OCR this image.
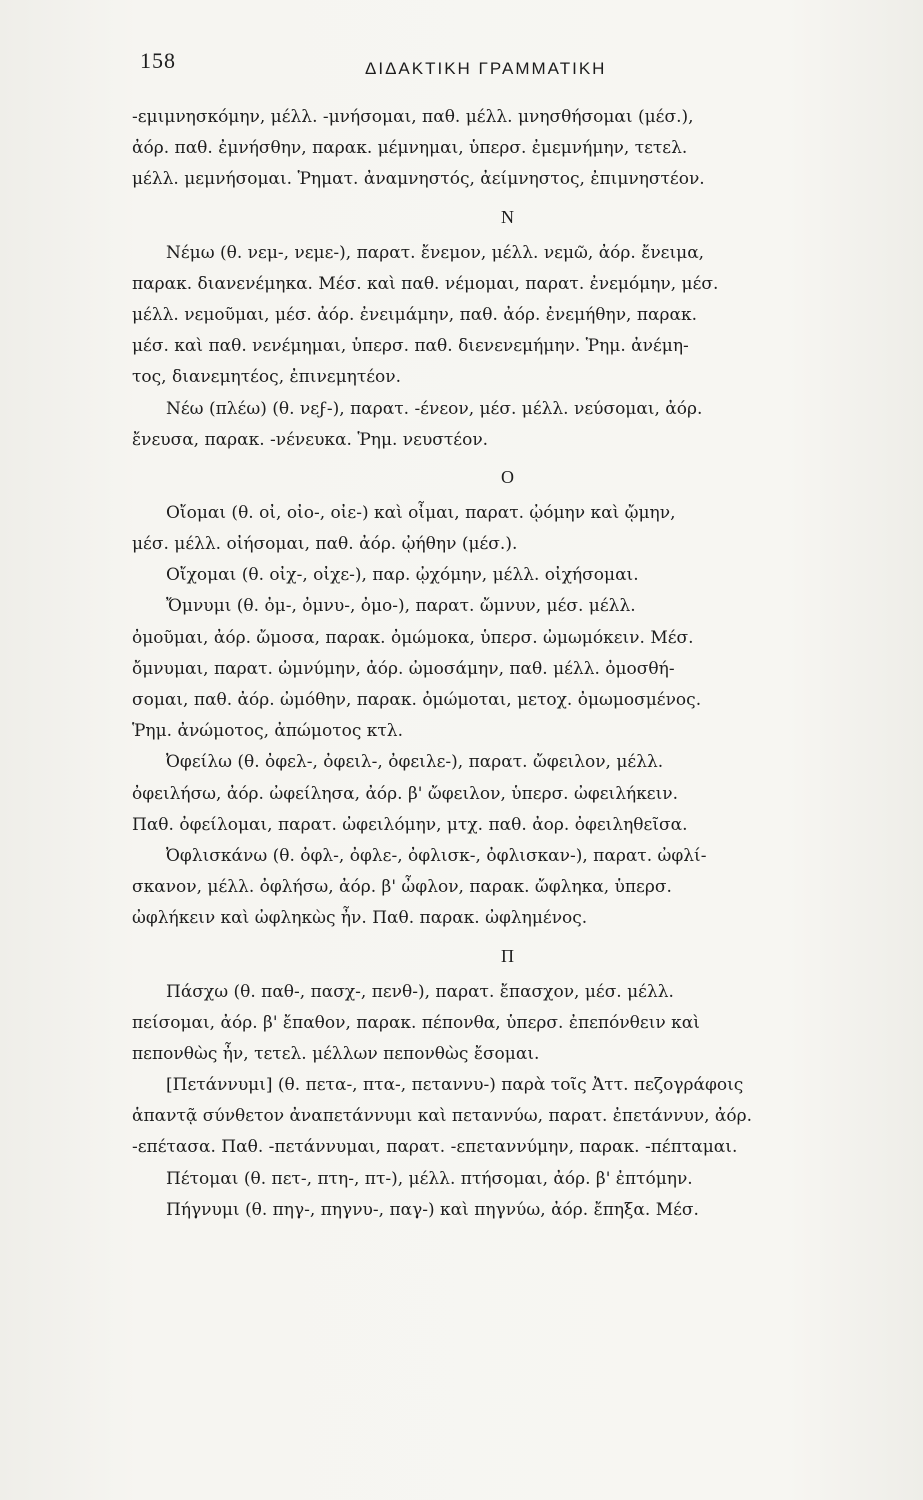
158	ΔΙΔΑΚΤΙΚΗ ΓΡΑΜΜΑΤΙΚΗ
-εμιμνησκόμην, μέλλ. -μνήσομαι, παθ. μέλλ. μνησθήσομαι (μέσ.),
ἀόρ. παθ. ἐμνήσθην, παρακ. μέμνημαι, ὑπερσ. ἐμεμνήμην, τετελ.
μέλλ. μεμνήσομαι. Ῥηματ. ἀναμνηστός, ἀείμνηστος, ἐπιμνηστέον.
N
Νέμω (θ. νεμ-, νεμε-), παρατ. ἔνεμον, μέλλ. νεμῶ, ἀόρ. ἔνειμα,
παρακ. διανενέμηκα. Μέσ. καὶ παθ. νέμομαι, παρατ. ἐνεμόμην, μέσ.
μέλλ. νεμοῦμαι, μέσ. ἀόρ. ἐνειμάμην, παθ. ἀόρ. ἐνεμήθην, παρακ.
μέσ. καὶ παθ. νενέμημαι, ὑπερσ. παθ. διενενεμήμην. Ῥημ. ἀνέμη-
τος, διανεμητέος, ἐπινεμητέον.
Νέω (πλέω) (θ. νεϝ-), παρατ. -ένεον, μέσ. μέλλ. νεύσομαι, ἀόρ.
ἔνευσα, παρακ. -νένευκα. Ῥημ. νευστέον.
O
Οἴομαι (θ. οἰ, οἰο-, οἰε-) καὶ οἶμαι, παρατ. ᾠόμην καὶ ᾤμην,
μέσ. μέλλ. οἰήσομαι, παθ. ἀόρ. ᾠήθην (μέσ.).
Οἴχομαι (θ. οἰχ-, οἰχε-), παρ. ᾠχόμην, μέλλ. οἰχήσομαι.
Ὄμνυμι (θ. ὀμ-, ὀμνυ-, ὀμο-), παρατ. ὤμνυν, μέσ. μέλλ.
ὀμοῦμαι, ἀόρ. ὤμοσα, παρακ. ὀμώμοκα, ὑπερσ. ὠμωμόκειν. Μέσ.
ὄμνυμαι, παρατ. ὠμνύμην, ἀόρ. ὠμοσάμην, παθ. μέλλ. ὀμοσθή-
σομαι, παθ. ἀόρ. ὠμόθην, παρακ. ὀμώμοται, μετοχ. ὀμωμοσμένος.
Ῥημ. ἀνώμοτος, ἀπώμοτος κτλ.
Ὀφείλω (θ. ὀφελ-, ὀφειλ-, ὀφειλε-), παρατ. ὤφειλον, μέλλ.
ὀφειλήσω, ἀόρ. ὠφείλησα, ἀόρ. β' ὤφειλον, ὑπερσ. ὠφειλήκειν.
Παθ. ὀφείλομαι, παρατ. ὠφειλόμην, μτχ. παθ. ἀορ. ὀφειληθεῖσα.
Ὀφλισκάνω (θ. ὀφλ-, ὀφλε-, ὀφλισκ-, ὀφλισκαν-), παρατ. ὠφλί-
σκανον, μέλλ. ὀφλήσω, ἀόρ. β' ὦφλον, παρακ. ὤφληκα, ὑπερσ.
ὠφλήκειν καὶ ὠφληκὼς ἦν. Παθ. παρακ. ὠφλημένος.
Π
Πάσχω (θ. παθ-, πασχ-, πενθ-), παρατ. ἔπασχον, μέσ. μέλλ.
πείσομαι, ἀόρ. β' ἔπαθον, παρακ. πέπονθα, ὑπερσ. ἐπεπόνθειν καὶ
πεπονθὼς ἦν, τετελ. μέλλων πεπονθὼς ἔσομαι.
[Πετάννυμι] (θ. πετα-, πτα-, πεταννυ-) παρὰ τοῖς Ἀττ. πεζογράφοις
ἁπαντᾷ σύνθετον ἀναπετάννυμι καὶ πεταννύω, παρατ. ἐπετάννυν, ἀόρ.
-επέτασα. Παθ. -πετάννυμαι, παρατ. -επεταννύμην, παρακ. -πέπταμαι.
Πέτομαι (θ. πετ-, πτη-, πτ-), μέλλ. πτήσομαι, ἀόρ. β' ἐπτόμην.
Πήγνυμι (θ. πηγ-, πηγνυ-, παγ-) καὶ πηγνύω, ἀόρ. ἔπηξα. Μέσ.
